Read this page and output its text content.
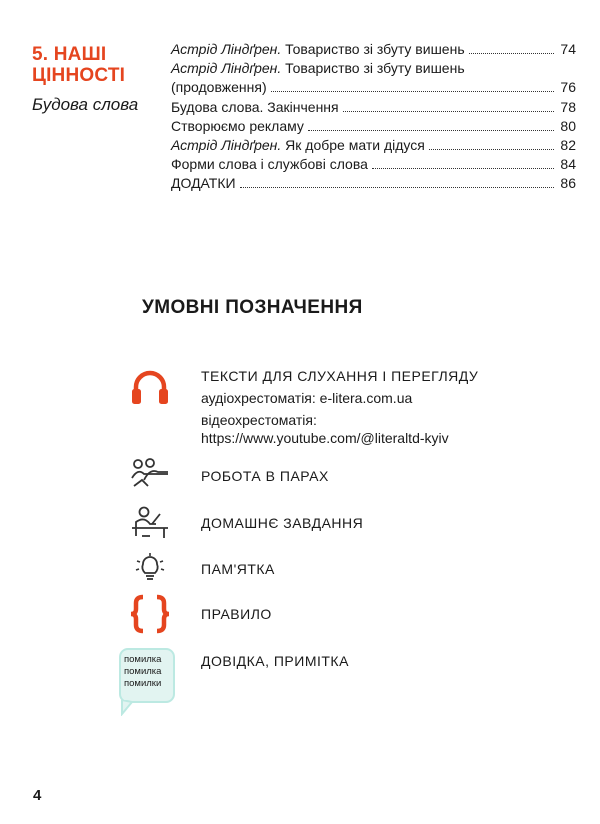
5. НАШІ
ЦІННОСТІ
Будова слова
Астрід Ліндґрен.
Товариство зі збуту вишень	74
Астрід Ліндґрен. Товариство зі збуту вишень
(продовження)	76
Будова слова. Закінчення	78
Створюємо рекламу	80
Астрід Ліндґрен.
Як добре мати дідуся	82
Форми слова і службові слова	84
ДОДАТКИ	86
УМОВНІ ПОЗНАЧЕННЯ
ТЕКСТИ ДЛЯ СЛУХАННЯ І ПЕРЕГЛЯДУ
аудіохрестоматія: e-litera.com.ua
відеохрестоматія:
https://www.youtube.com/@literaltd-kyiv
РОБОТА В ПАРАХ
ДОМАШНЄ ЗАВДАННЯ
ПАМ'ЯТКА
ПРАВИЛО
помилка
помилка
помилки
ДОВІДКА, ПРИМІТКА
4
